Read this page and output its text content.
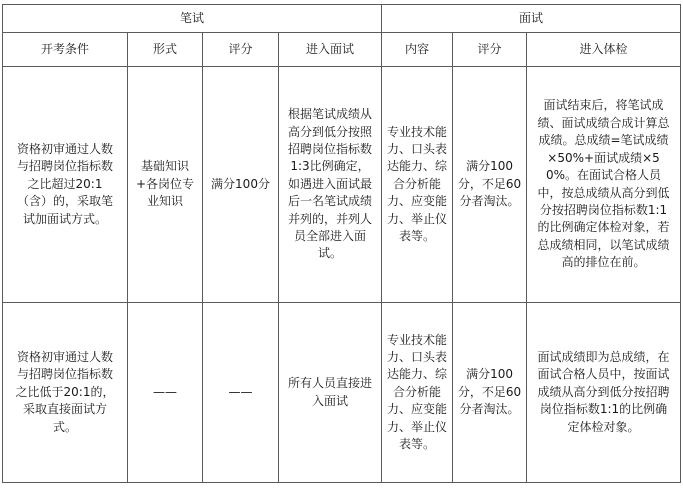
笔试				面试		
开考条件	形式	评分	进入面试	内容	评分	进入体检
资格初审通过人数与招聘岗位指标数之比超过20:1（含）的，采取笔试加面试方式。	基础知识+各岗位专业知识	满分100分	根据笔试成绩从高分到低分按照招聘岗位指标数1:3比例确定，如遇进入面试最后一名笔试成绩并列的，并列人员全部进入面试。	专业技术能力、口头表达能力、综合分析能力、应变能力、举止仪表等。	满分100分，不足60分者淘汰。	面试结束后，将笔试成绩、面试成绩合成计算总成绩。总成绩=笔试成绩×50%+面试成绩×50%。在面试合格人员中，按总成绩从高分到低分按招聘岗位指标数1:1的比例确定体检对象，若总成绩相同，以笔试成绩高的排位在前。
资格初审通过人数与招聘岗位指标数之比低于20:1的，采取直接面试方式。	——	——	所有人员直接进入面试	专业技术能力、口头表达能力、综合分析能力、应变能力、举止仪表等。	满分100分，不足60分者淘汰。	面试成绩即为总成绩，在面试合格人员中，按面试成绩从高分到低分按招聘岗位指标数1:1的比例确定体检对象。
